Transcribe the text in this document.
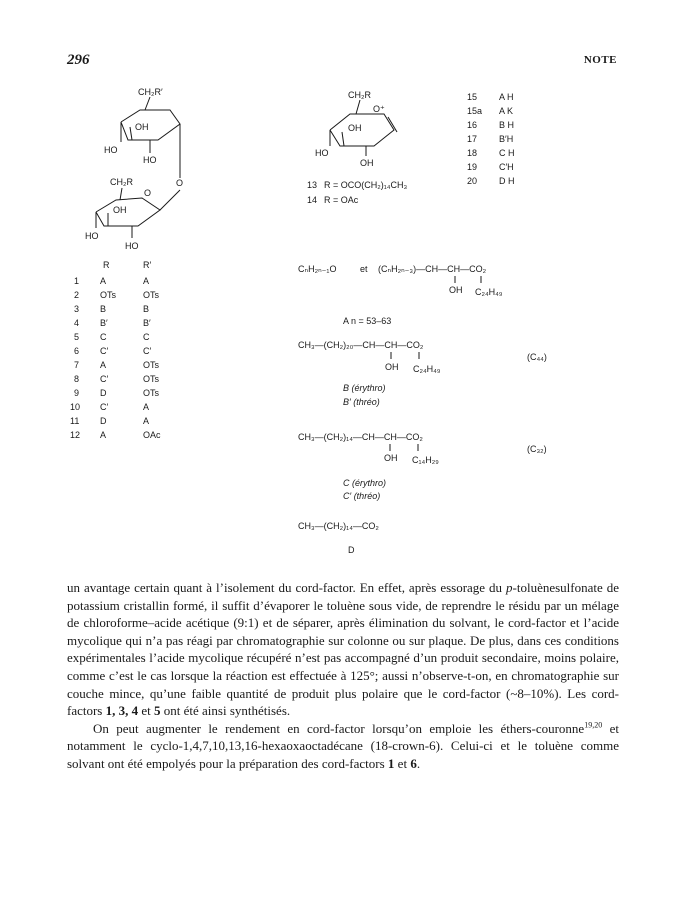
296	NOTE
CH₂R′
OH
HO
HO
CH₂R
OH
HO
HO
O
O
CH₂R
O⁺
OH
HO
OH
13 R = OCO(CH₂)₁₄CH₃
14 R = OAc
15 A H
15a A K
16 B H
17 B′H
18 C H
19 C′H
20 D H
R	R′
1 A	A
2 OTs	OTs
3 B	B
4 B′	B′
5 C	C
6 C′	C′
7 A	OTs
8 C′	OTs
9 D	OTs
10 C′	A
11 D	A
12 A	OAc
CₙH₂ₙ₋₁O	et (CₙH₂ₙ₋₃)—CH—CH—CO₂
OH C₂₄H₄₉
A n = 53–63
CH₃—(CH₂)₂₀—CH—CH—CO₂
OH C₂₄H₄₉
(C₄₄)
B (érythro)
B′ (thréo)
CH₃—(CH₂)₁₄—CH—CH—CO₂
OH C₁₄H₂₉
(C₃₂)
C (érythro)
C′ (thréo)
CH₃—(CH₂)₁₄—CO₂
D

un avantage certain quant à l’isolement du cord-factor. En effet, après essorage du p-toluènesulfonate de potassium cristallin formé, il suffit d’évaporer le toluène sous vide, de reprendre le résidu par un mélage de chloroforme–acide acétique (9:1) et de séparer, après élimination du solvant, le cord-factor et l’acide mycolique qui n’a pas réagi par chromatographie sur colonne ou sur plaque. De plus, dans ces conditions expérimentales l’acide mycolique récupéré n’est pas accompagné d’un produit secondaire, moins polaire, comme c’est le cas lorsque la réaction est effectuée à 125°; aussi n’observe-t-on, en chromatographie sur couche mince, qu’une faible quantité de produit plus polaire que le cord-factor (~8–10%). Les cord-factors 1, 3, 4 et 5 ont été ainsi synthétisés.

On peut augmenter le rendement en cord-factor lorsqu’on emploie les éthers-couronne$^{19,20}$ et notamment le cyclo-1,4,7,10,13,16-hexaoxaoctadécane (18-crown-6). Celui-ci et le toluène comme solvant ont été empolyés pour la préparation des cord-factors 1 et 6.
